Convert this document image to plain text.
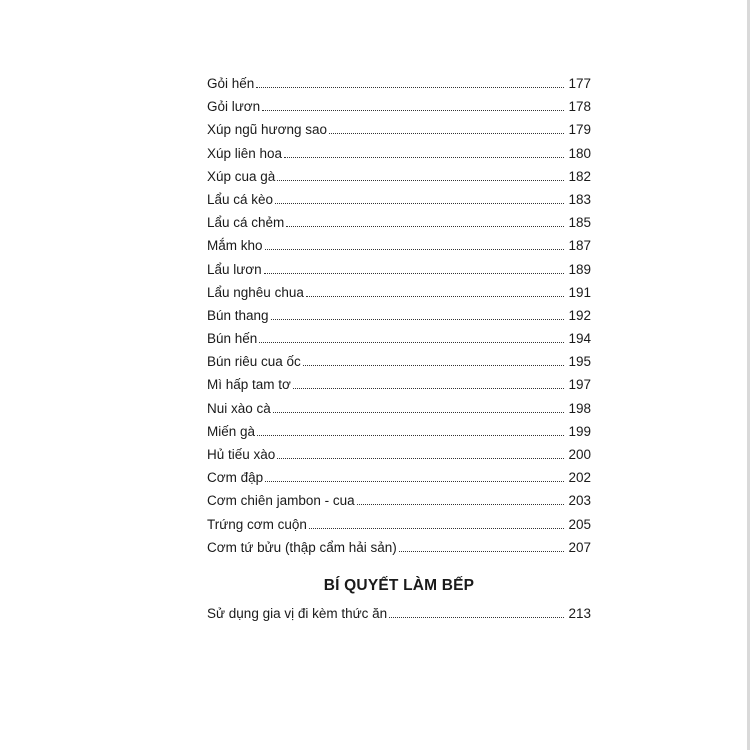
Gỏi hến	177
Gỏi lươn	178
Xúp ngũ hương sao	179
Xúp liên hoa	180
Xúp cua gà	182
Lẩu cá kèo	183
Lẩu cá chẻm	185
Mắm kho	187
Lẩu lươn	189
Lẩu nghêu chua	191
Bún thang	192
Bún hến	194
Bún riêu cua ốc	195
Mì hấp tam tơ	197
Nui xào cà	198
Miến gà	199
Hủ tiếu xào	200
Cơm đập	202
Cơm chiên jambon - cua	203
Trứng cơm cuộn	205
Cơm tứ bửu (thập cẩm hải sản)	207
BÍ QUYẾT LÀM BẾP
Sử dụng gia vị đi kèm thức ăn	213
